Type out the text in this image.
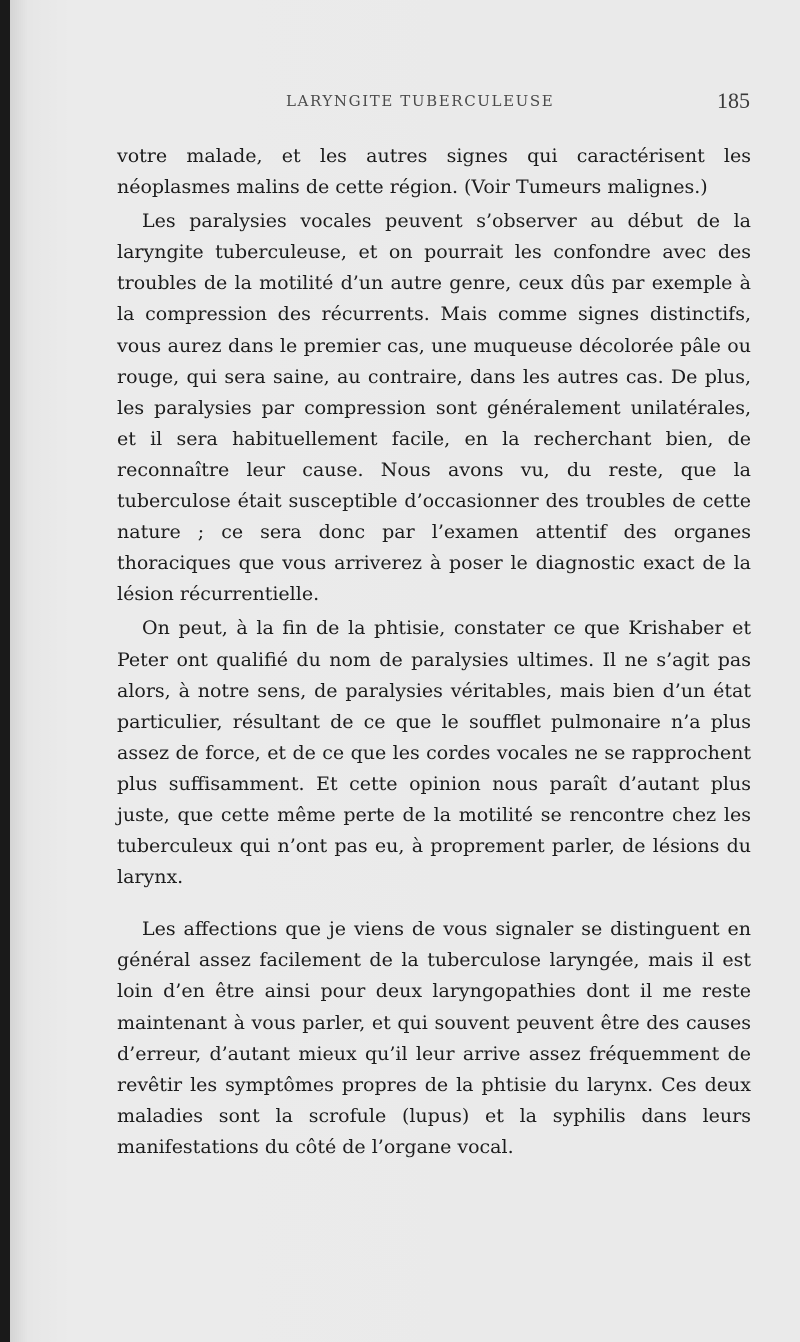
LARYNGITE TUBERCULEUSE	185

votre malade, et les autres signes qui caractérisent les néoplasmes malins de cette région. (Voir Tumeurs malignes.)

Les paralysies vocales peuvent s’observer au début de la laryngite tuberculeuse, et on pourrait les confondre avec des troubles de la motilité d’un autre genre, ceux dûs par exemple à la compression des récurrents. Mais comme signes distinctifs, vous aurez dans le premier cas, une muqueuse décolorée pâle ou rouge, qui sera saine, au contraire, dans les autres cas. De plus, les paralysies par compression sont généralement unilatérales, et il sera habituellement facile, en la recherchant bien, de reconnaître leur cause. Nous avons vu, du reste, que la tuberculose était susceptible d’occasionner des troubles de cette nature ; ce sera donc par l’examen attentif des organes thoraciques que vous arriverez à poser le diagnostic exact de la lésion récurrentielle.

On peut, à la fin de la phtisie, constater ce que Krishaber et Peter ont qualifié du nom de paralysies ultimes. Il ne s’agit pas alors, à notre sens, de paralysies véritables, mais bien d’un état particulier, résultant de ce que le soufflet pulmonaire n’a plus assez de force, et de ce que les cordes vocales ne se rapprochent plus suffisamment. Et cette opinion nous paraît d’autant plus juste, que cette même perte de la motilité se rencontre chez les tuberculeux qui n’ont pas eu, à proprement parler, de lésions du larynx.

Les affections que je viens de vous signaler se distinguent en général assez facilement de la tuberculose laryngée, mais il est loin d’en être ainsi pour deux laryngopathies dont il me reste maintenant à vous parler, et qui souvent peuvent être des causes d’erreur, d’autant mieux qu’il leur arrive assez fréquemment de revêtir les symptômes propres de la phtisie du larynx. Ces deux maladies sont la scrofule (lupus) et la syphilis dans leurs manifestations du côté de l’organe vocal.
